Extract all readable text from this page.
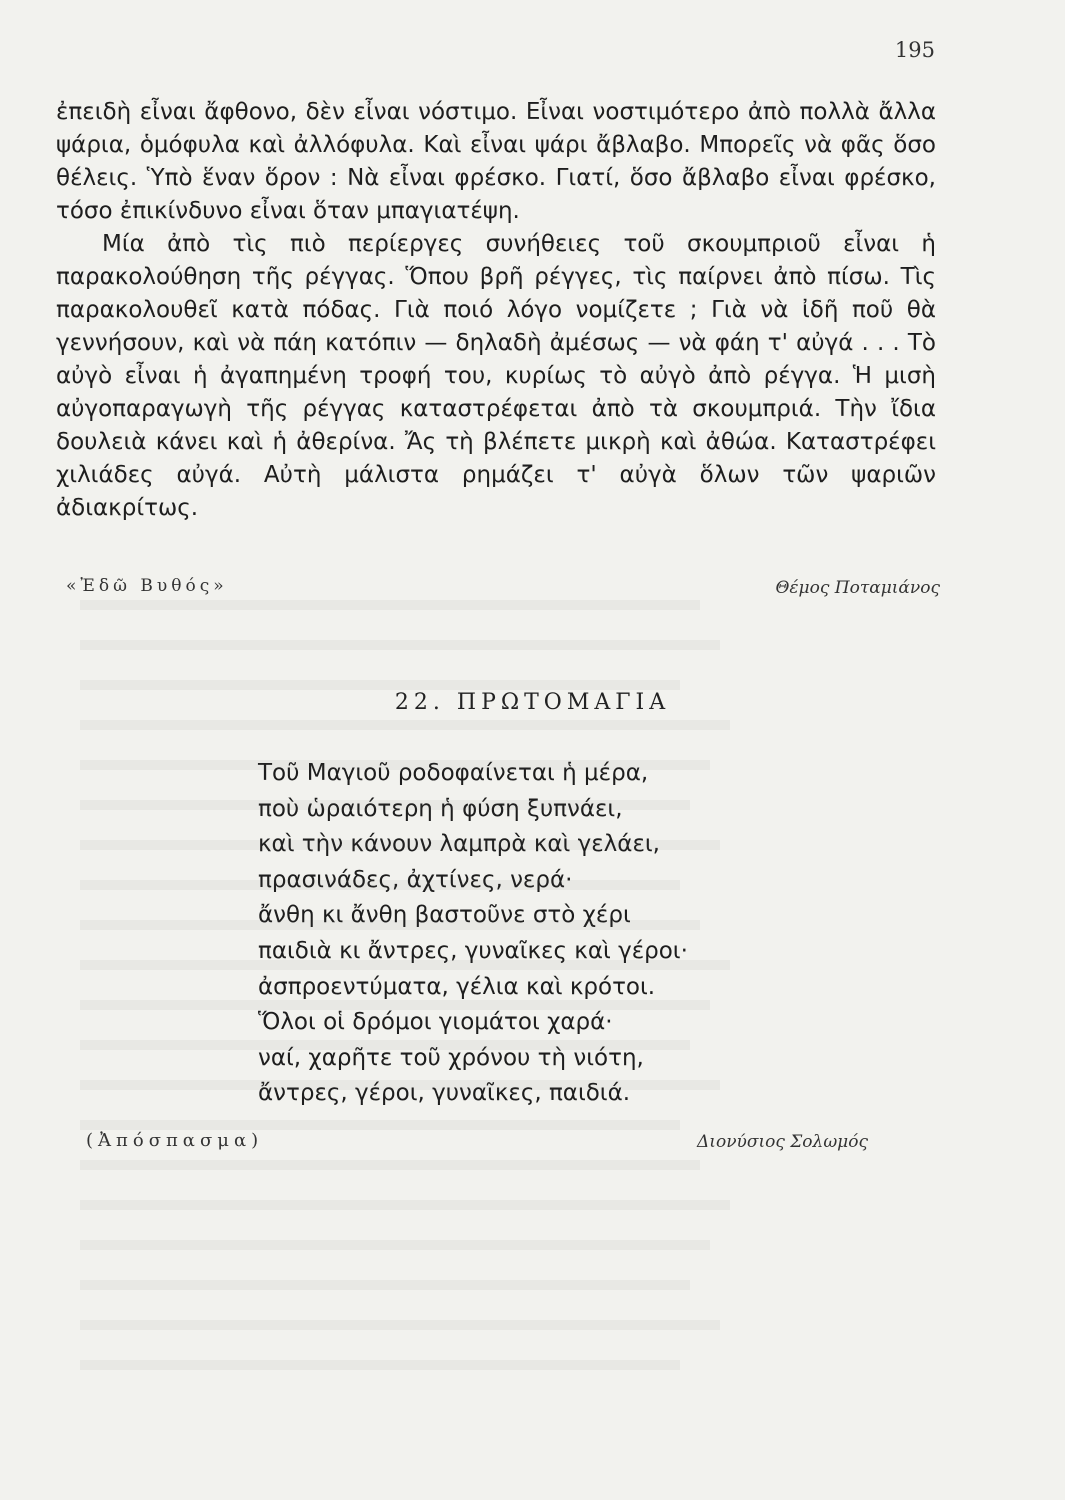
195

ἐπειδὴ εἶναι ἄφθονο, δὲν εἶναι νόστιμο. Εἶναι νοστιμότερο ἀπὸ πολλὰ ἄλλα ψάρια, ὁμόφυλα καὶ ἀλλόφυλα. Καὶ εἶναι ψάρι ἄβλαβο. Μπορεῖς νὰ φᾶς ὅσο θέλεις. Ὑπὸ ἕναν ὅρον : Νὰ εἶναι φρέσκο. Γιατί, ὅσο ἄβλαβο εἶναι φρέσκο, τόσο ἐπικίνδυνο εἶναι ὅταν μπαγιατέψη.

Μία ἀπὸ τὶς πιὸ περίεργες συνήθειες τοῦ σκουμπριοῦ εἶναι ἡ παρακολούθηση τῆς ρέγγας. Ὅπου βρῆ ρέγγες, τὶς παίρνει ἀπὸ πίσω. Τὶς παρακολουθεῖ κατὰ πόδας. Γιὰ ποιό λόγο νομίζετε ; Γιὰ νὰ ἰδῆ ποῦ θὰ γεννήσουν, καὶ νὰ πάη κατόπιν — δηλαδὴ ἀμέσως — νὰ φάη τ' αὐγά . . . Τὸ αὐγὸ εἶναι ἡ ἀγαπημένη τροφή του, κυρίως τὸ αὐγὸ ἀπὸ ρέγγα. Ἡ μισὴ αὐγοπαραγωγὴ τῆς ρέγγας καταστρέφεται ἀπὸ τὰ σκουμπριά. Τὴν ἴδια δουλειὰ κάνει καὶ ἡ ἀθερίνα. Ἄς τὴ βλέπετε μικρὴ καὶ ἀθώα. Καταστρέφει χιλιάδες αὐγά. Αὐτὴ μάλιστα ρημάζει τ' αὐγὰ ὅλων τῶν ψαριῶν ἀδιακρίτως.

«Ἐδῶ Βυθός»	Θέμος Ποταμιάνος
22. ΠΡΩΤΟΜΑΓΙΑ
Τοῦ Μαγιοῦ ροδοφαίνεται ἡ μέρα,
ποὺ ὡραιότερη ἡ φύση ξυπνάει,
καὶ τὴν κάνουν λαμπρὰ καὶ γελάει,
πρασινάδες, ἀχτίνες, νερά·
ἄνθη κι ἄνθη βαστοῦνε στὸ χέρι
παιδιὰ κι ἄντρες, γυναῖκες καὶ γέροι·
ἀσπροεντύματα, γέλια καὶ κρότοι.
Ὅλοι οἱ δρόμοι γιομάτοι χαρά·
ναί, χαρῆτε τοῦ χρόνου τὴ νιότη,
ἄντρες, γέροι, γυναῖκες, παιδιά.
(Ἀπόσπασμα)	Διονύσιος Σολωμός
